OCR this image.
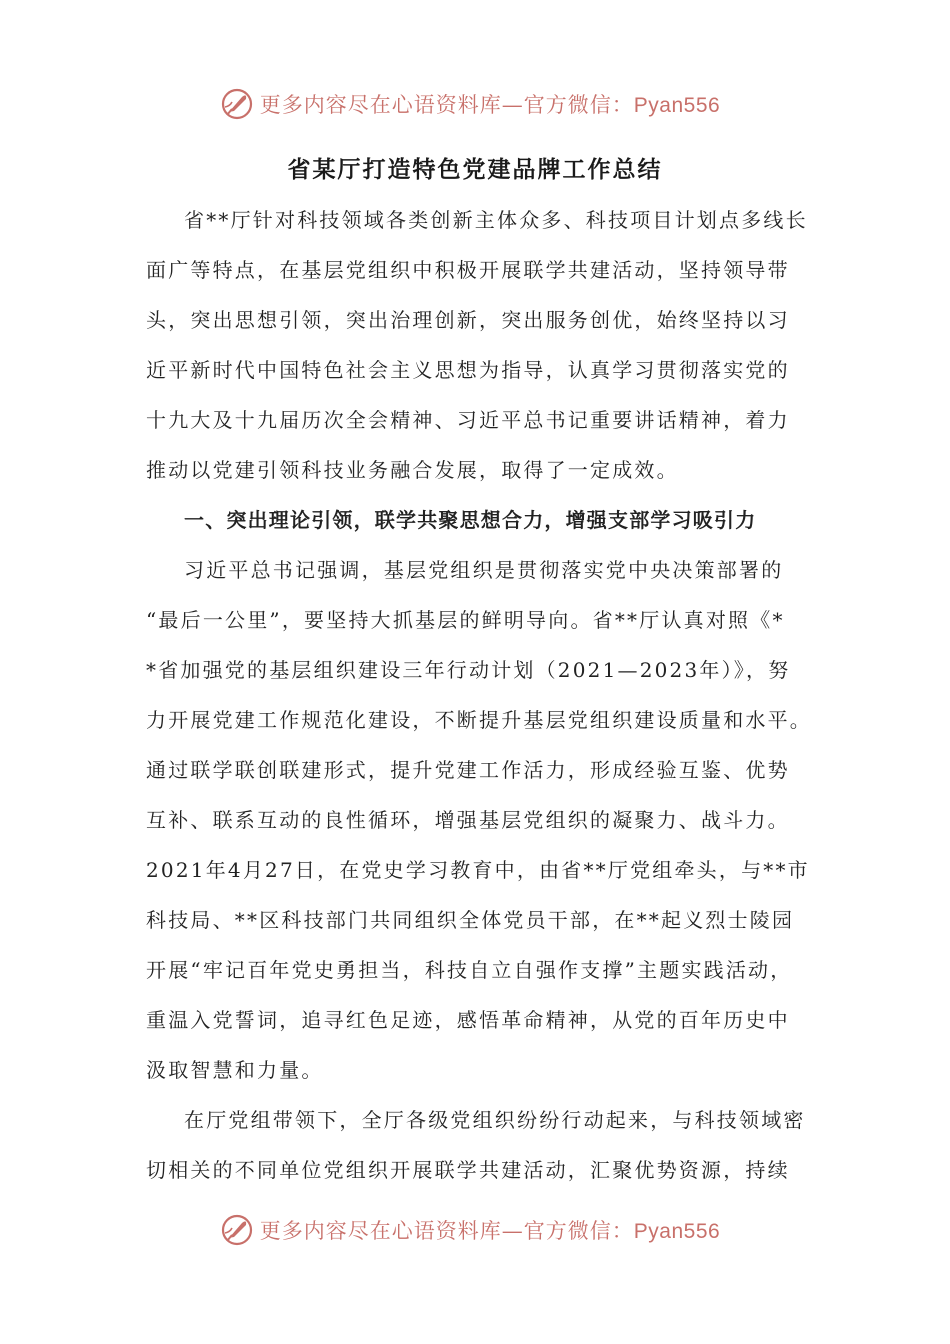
更多内容尽在心语资料库—官方微信：Pyan556
省某厅打造特色党建品牌工作总结
省**厅针对科技领域各类创新主体众多、科技项目计划点多线长
面广等特点，在基层党组织中积极开展联学共建活动，坚持领导带
头，突出思想引领，突出治理创新，突出服务创优，始终坚持以习
近平新时代中国特色社会主义思想为指导，认真学习贯彻落实党的
十九大及十九届历次全会精神、习近平总书记重要讲话精神，着力
推动以党建引领科技业务融合发展，取得了一定成效。
一、突出理论引领，联学共聚思想合力，增强支部学习吸引力
习近平总书记强调，基层党组织是贯彻落实党中央决策部署的
“最后一公里”，要坚持大抓基层的鲜明导向。省**厅认真对照《*
*省加强党的基层组织建设三年行动计划（2021—2023年）》，努
力开展党建工作规范化建设，不断提升基层党组织建设质量和水平。
通过联学联创联建形式，提升党建工作活力，形成经验互鉴、优势
互补、联系互动的良性循环，增强基层党组织的凝聚力、战斗力。
2021年4月27日，在党史学习教育中，由省**厅党组牵头，与**市
科技局、**区科技部门共同组织全体党员干部，在**起义烈士陵园
开展“牢记百年党史勇担当，科技自立自强作支撑”主题实践活动，
重温入党誓词，追寻红色足迹，感悟革命精神，从党的百年历史中
汲取智慧和力量。
在厅党组带领下，全厅各级党组织纷纷行动起来，与科技领域密
切相关的不同单位党组织开展联学共建活动，汇聚优势资源，持续
更多内容尽在心语资料库—官方微信：Pyan556
